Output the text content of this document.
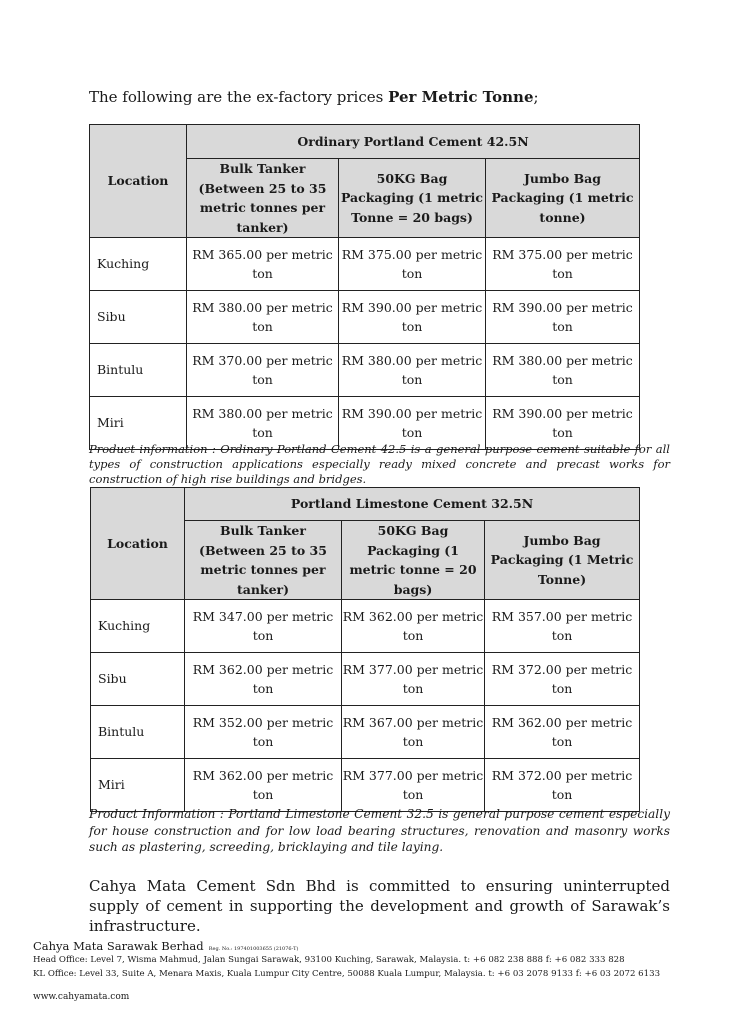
The following are the ex-factory prices Per Metric Tonne;
Location	Ordinary Portland Cement 42.5N		
	Bulk Tanker (Between 25 to 35 metric tonnes per tanker)	50KG Bag Packaging (1 metric Tonne = 20 bags)	Jumbo Bag Packaging (1 metric tonne)
Kuching	RM 365.00 per metric ton	RM 375.00 per metric ton	RM 375.00 per metric ton
Sibu	RM 380.00 per metric ton	RM 390.00 per metric ton	RM 390.00 per metric ton
Bintulu	RM 370.00 per metric ton	RM 380.00 per metric ton	RM 380.00 per metric ton
Miri	RM 380.00 per metric ton	RM 390.00 per metric ton	RM 390.00 per metric ton
Product information : Ordinary Portland Cement 42.5 is a general purpose cement suitable for all types of construction applications especially ready mixed concrete and precast works for construction of high rise buildings and bridges.
Location	Portland Limestone Cement 32.5N		
	Bulk Tanker (Between 25 to 35 metric tonnes per tanker)	50KG Bag Packaging (1 metric tonne = 20 bags)	Jumbo Bag Packaging (1 Metric Tonne)
Kuching	RM 347.00 per metric ton	RM 362.00 per metric ton	RM 357.00 per metric ton
Sibu	RM 362.00 per metric ton	RM 377.00 per metric ton	RM 372.00 per metric ton
Bintulu	RM 352.00 per metric ton	RM 367.00 per metric ton	RM 362.00 per metric ton
Miri	RM 362.00 per metric ton	RM 377.00 per metric ton	RM 372.00 per metric ton
Product Information : Portland Limestone Cement 32.5 is general purpose cement especially for house construction and for low load bearing structures, renovation and masonry works such as plastering, screeding, bricklaying and tile laying.
Cahya Mata Cement Sdn Bhd is committed to ensuring uninterrupted supply of cement in supporting the development and growth of Sarawak’s infrastructure.
Cahya Mata Sarawak Berhad Reg. No.: 197401003655 (21076-T)
Head Office: Level 7, Wisma Mahmud, Jalan Sungai Sarawak, 93100 Kuching, Sarawak, Malaysia. t: +6 082 238 888 f: +6 082 333 828
KL Office: Level 33, Suite A, Menara Maxis, Kuala Lumpur City Centre, 50088 Kuala Lumpur, Malaysia. t: +6 03 2078 9133 f: +6 03 2072 6133
www.cahyamata.com
